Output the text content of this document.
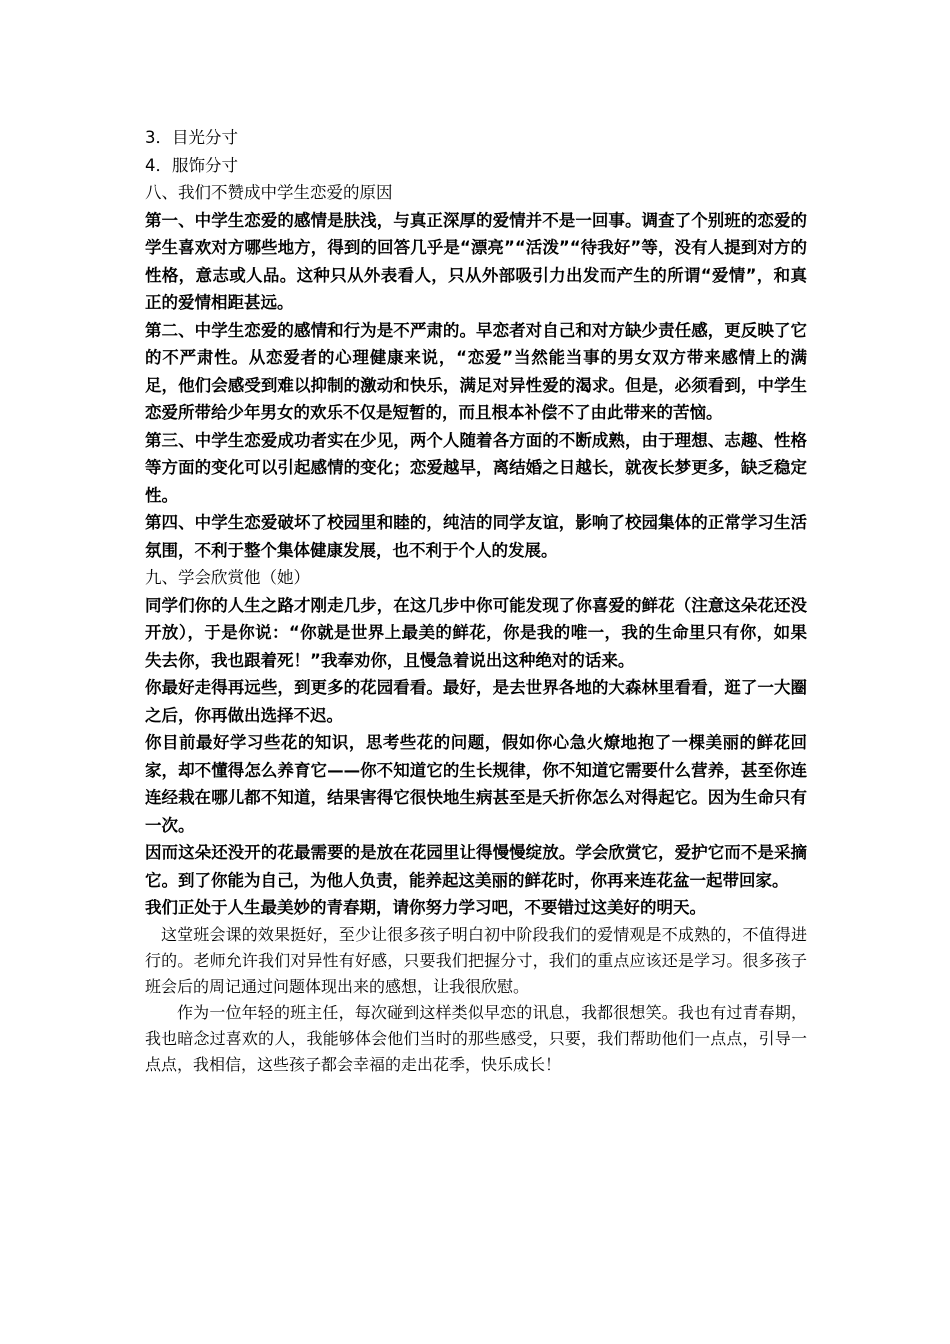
3．目光分寸

4．服饰分寸

八、我们不赞成中学生恋爱的原因

第一、中学生恋爱的感情是肤浅，与真正深厚的爱情并不是一回事。调查了个别班的恋爱的学生喜欢对方哪些地方，得到的回答几乎是“漂亮”“活泼”“待我好”等，没有人提到对方的性格，意志或人品。这种只从外表看人，只从外部吸引力出发而产生的所谓“爱情”，和真正的爱情相距甚远。

第二、中学生恋爱的感情和行为是不严肃的。早恋者对自己和对方缺少责任感，更反映了它的不严肃性。从恋爱者的心理健康来说，“恋爱”当然能当事的男女双方带来感情上的满足，他们会感受到难以抑制的激动和快乐，满足对异性爱的渴求。但是，必须看到，中学生恋爱所带给少年男女的欢乐不仅是短暂的，而且根本补偿不了由此带来的苦恼。

第三、中学生恋爱成功者实在少见，两个人随着各方面的不断成熟，由于理想、志趣、性格等方面的变化可以引起感情的变化；恋爱越早，离结婚之日越长，就夜长梦更多，缺乏稳定性。

第四、中学生恋爱破坏了校园里和睦的，纯洁的同学友谊，影响了校园集体的正常学习生活氛围，不利于整个集体健康发展，也不利于个人的发展。

九、学会欣赏他（她）

同学们你的人生之路才刚走几步，在这几步中你可能发现了你喜爱的鲜花（注意这朵花还没开放），于是你说：“你就是世界上最美的鲜花，你是我的唯一，我的生命里只有你，如果失去你，我也跟着死！”我奉劝你，且慢急着说出这种绝对的话来。

你最好走得再远些，到更多的花园看看。最好，是去世界各地的大森林里看看，逛了一大圈之后，你再做出选择不迟。

你目前最好学习些花的知识，思考些花的问题，假如你心急火燎地抱了一棵美丽的鲜花回家，却不懂得怎么养育它——你不知道它的生长规律，你不知道它需要什么营养，甚至你连连经栽在哪儿都不知道，结果害得它很快地生病甚至是夭折你怎么对得起它。因为生命只有一次。

因而这朵还没开的花最需要的是放在花园里让得慢慢绽放。学会欣赏它，爱护它而不是采摘它。到了你能为自己，为他人负责，能养起这美丽的鲜花时，你再来连花盆一起带回家。

我们正处于人生最美妙的青春期，请你努力学习吧，不要错过这美好的明天。

这堂班会课的效果挺好，至少让很多孩子明白初中阶段我们的爱情观是不成熟的，不值得进行的。老师允许我们对异性有好感，只要我们把握分寸，我们的重点应该还是学习。很多孩子班会后的周记通过问题体现出来的感想，让我很欣慰。

作为一位年轻的班主任，每次碰到这样类似早恋的讯息，我都很想笑。我也有过青春期，我也暗念过喜欢的人，我能够体会他们当时的那些感受，只要，我们帮助他们一点点，引导一点点，我相信，这些孩子都会幸福的走出花季，快乐成长！
